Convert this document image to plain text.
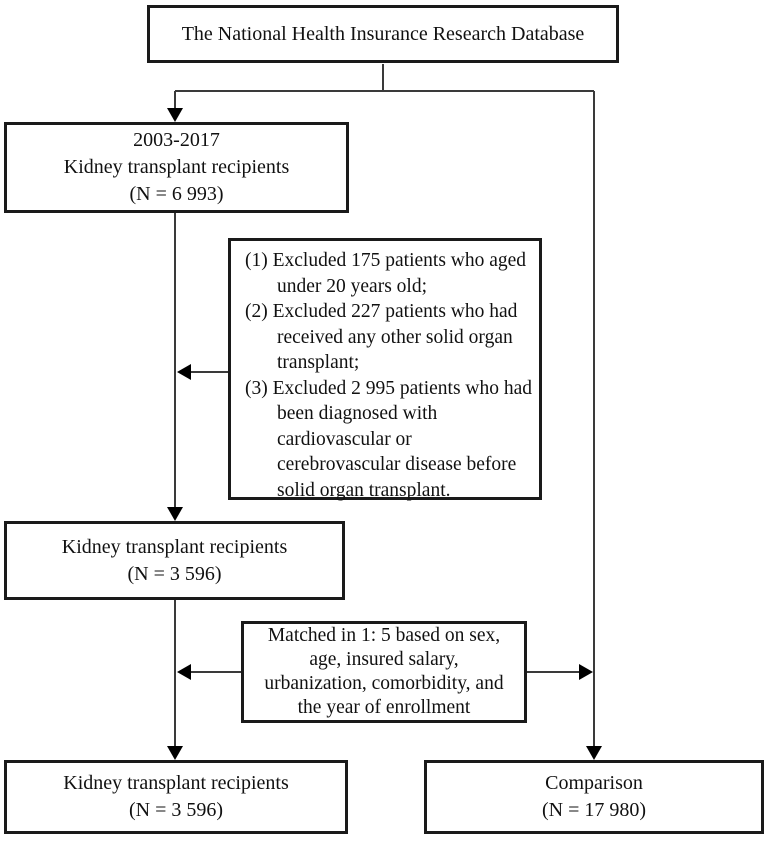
The National Health Insurance Research Database
2003-2017
Kidney transplant recipients
(N = 6 993)
(1) Excluded 175 patients who aged under 20 years old;
(2) Excluded 227 patients who had received any other solid organ transplant;
(3) Excluded 2 995 patients who had been diagnosed with cardiovascular or cerebrovascular disease before solid organ transplant.
Kidney transplant recipients
(N = 3 596)
Matched in 1: 5 based on sex,
age, insured salary,
urbanization, comorbidity, and
the year of enrollment
Kidney transplant recipients
(N = 3 596)
Comparison
(N = 17 980)
